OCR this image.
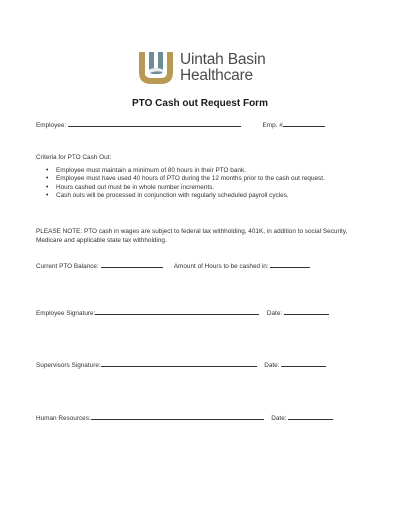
Uintah Basin
Healthcare
PTO Cash out Request Form
Employee:	Emp. #
Criteria for PTO Cash Out:
• Employee must maintain a minimum of 80 hours in their PTO bank.
• Employee must have used 40 hours of PTO during the 12 months prior to the cash out request.
• Hours cashed out must be in whole number increments.
• Cash outs will be processed in conjunction with regularly scheduled payroll cycles.
PLEASE NOTE: PTO cash in wages are subject to federal tax withholding, 401K, in addition to social Security, Medicare and applicable state tax withholding.
Current PTO Balance:	Amount of Hours to be cashed in:
Employee Signature:	Date:
Supervisors Signature:	Date:
Human Resources:	Date:
